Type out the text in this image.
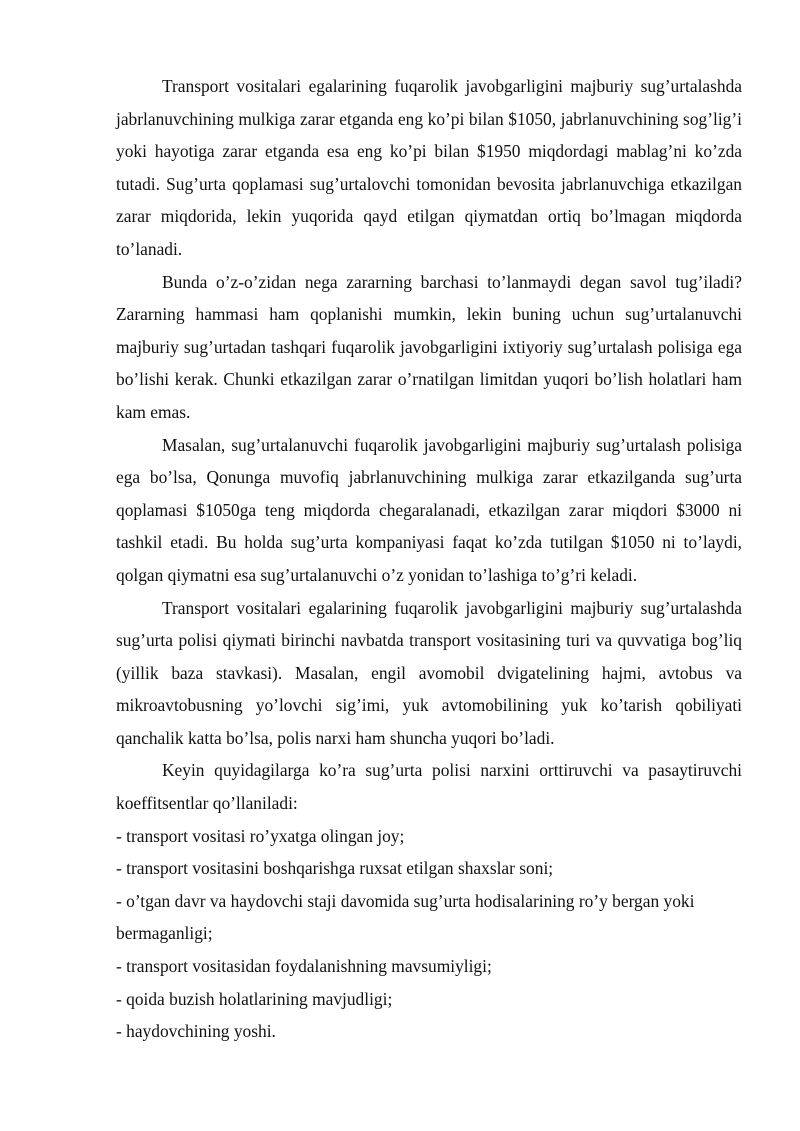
Transport vositalari egalarining fuqarolik javobgarligini majburiy sug’urtalashda jabrlanuvchining mulkiga zarar etganda eng ko’pi bilan $1050, jabrlanuvchining sog’lig’i yoki hayotiga zarar etganda esa eng ko’pi bilan $1950 miqdordagi mablag’ni ko’zda tutadi. Sug’urta qoplamasi sug’urtalovchi tomonidan bevosita jabrlanuvchiga etkazilgan zarar miqdorida, lekin yuqorida qayd etilgan qiymatdan ortiq bo’lmagan miqdorda to’lanadi.

Bunda o’z-o’zidan nega zararning barchasi to’lanmaydi degan savol tug’iladi? Zararning hammasi ham qoplanishi mumkin, lekin buning uchun sug’urtalanuvchi majburiy sug’urtadan tashqari fuqarolik javobgarligini ixtiyoriy sug’urtalash polisiga ega bo’lishi kerak. Chunki etkazilgan zarar o’rnatilgan limitdan yuqori bo’lish holatlari ham kam emas.

Masalan, sug’urtalanuvchi fuqarolik javobgarligini majburiy sug’urtalash polisiga ega bo’lsa, Qonunga muvofiq jabrlanuvchining mulkiga zarar etkazilganda sug’urta qoplamasi $1050ga teng miqdorda chegaralanadi, etkazilgan zarar miqdori $3000 ni tashkil etadi. Bu holda sug’urta kompaniyasi faqat ko’zda tutilgan $1050 ni to’laydi, qolgan qiymatni esa sug’urtalanuvchi o’z yonidan to’lashiga to’g’ri keladi.

Transport vositalari egalarining fuqarolik javobgarligini majburiy sug’urtalashda sug’urta polisi qiymati birinchi navbatda transport vositasining turi va quvvatiga bog’liq (yillik baza stavkasi). Masalan, engil avomobil dvigatelining hajmi, avtobus va mikroavtobusning yo’lovchi sig’imi, yuk avtomobilining yuk ko’tarish qobiliyati qanchalik katta bo’lsa, polis narxi ham shuncha yuqori bo’ladi.

Keyin quyidagilarga ko’ra sug’urta polisi narxini orttiruvchi va pasaytiruvchi koeffitsentlar qo’llaniladi:

- transport vositasi ro’yxatga olingan joy;
- transport vositasini boshqarishga ruxsat etilgan shaxslar soni;
- o’tgan davr va haydovchi staji davomida sug’urta hodisalarining ro’y bergan yoki bermaganligi;
- transport vositasidan foydalanishning mavsumiyligi;
- qoida buzish holatlarining mavjudligi;
- haydovchining yoshi.
